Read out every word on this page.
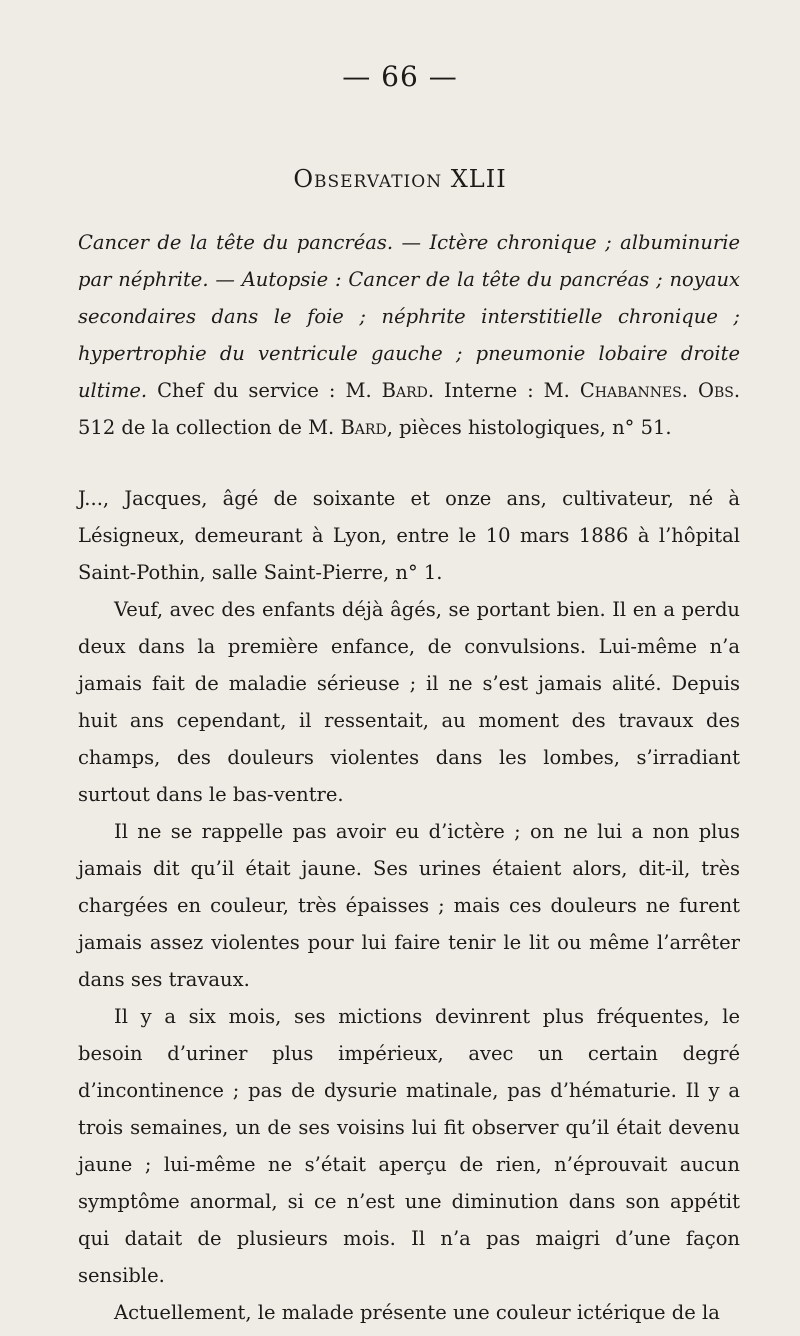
— 66 —
Observation XLII

Cancer de la tête du pancréas. — Ictère chronique ; albuminurie par néphrite. — Autopsie : Cancer de la tête du pancréas ; noyaux secondaires dans le foie ; néphrite interstitielle chronique ; hypertrophie du ventricule gauche ; pneumonie lobaire droite ultime. Chef du service : M. Bard. Interne : M. Chabannes. Obs. 512 de la collection de M. Bard, pièces histologiques, n° 51.

J..., Jacques, âgé de soixante et onze ans, cultivateur, né à Lésigneux, demeurant à Lyon, entre le 10 mars 1886 à l’hôpital Saint-Pothin, salle Saint-Pierre, n° 1.

Veuf, avec des enfants déjà âgés, se portant bien. Il en a perdu deux dans la première enfance, de convulsions. Lui-même n’a jamais fait de maladie sérieuse ; il ne s’est jamais alité. Depuis huit ans cependant, il ressentait, au moment des travaux des champs, des douleurs violentes dans les lombes, s’irradiant surtout dans le bas-ventre.

Il ne se rappelle pas avoir eu d’ictère ; on ne lui a non plus jamais dit qu’il était jaune. Ses urines étaient alors, dit-il, très chargées en couleur, très épaisses ; mais ces douleurs ne furent jamais assez violentes pour lui faire tenir le lit ou même l’arrêter dans ses travaux.

Il y a six mois, ses mictions devinrent plus fréquentes, le besoin d’uriner plus impérieux, avec un certain degré d’incontinence ; pas de dysurie matinale, pas d’hématurie. Il y a trois semaines, un de ses voisins lui fit observer qu’il était devenu jaune ; lui-même ne s’était aperçu de rien, n’éprouvait aucun symptôme anormal, si ce n’est une diminution dans son appétit qui datait de plusieurs mois. Il n’a pas maigri d’une façon sensible.

Actuellement, le malade présente une couleur ictérique de la
